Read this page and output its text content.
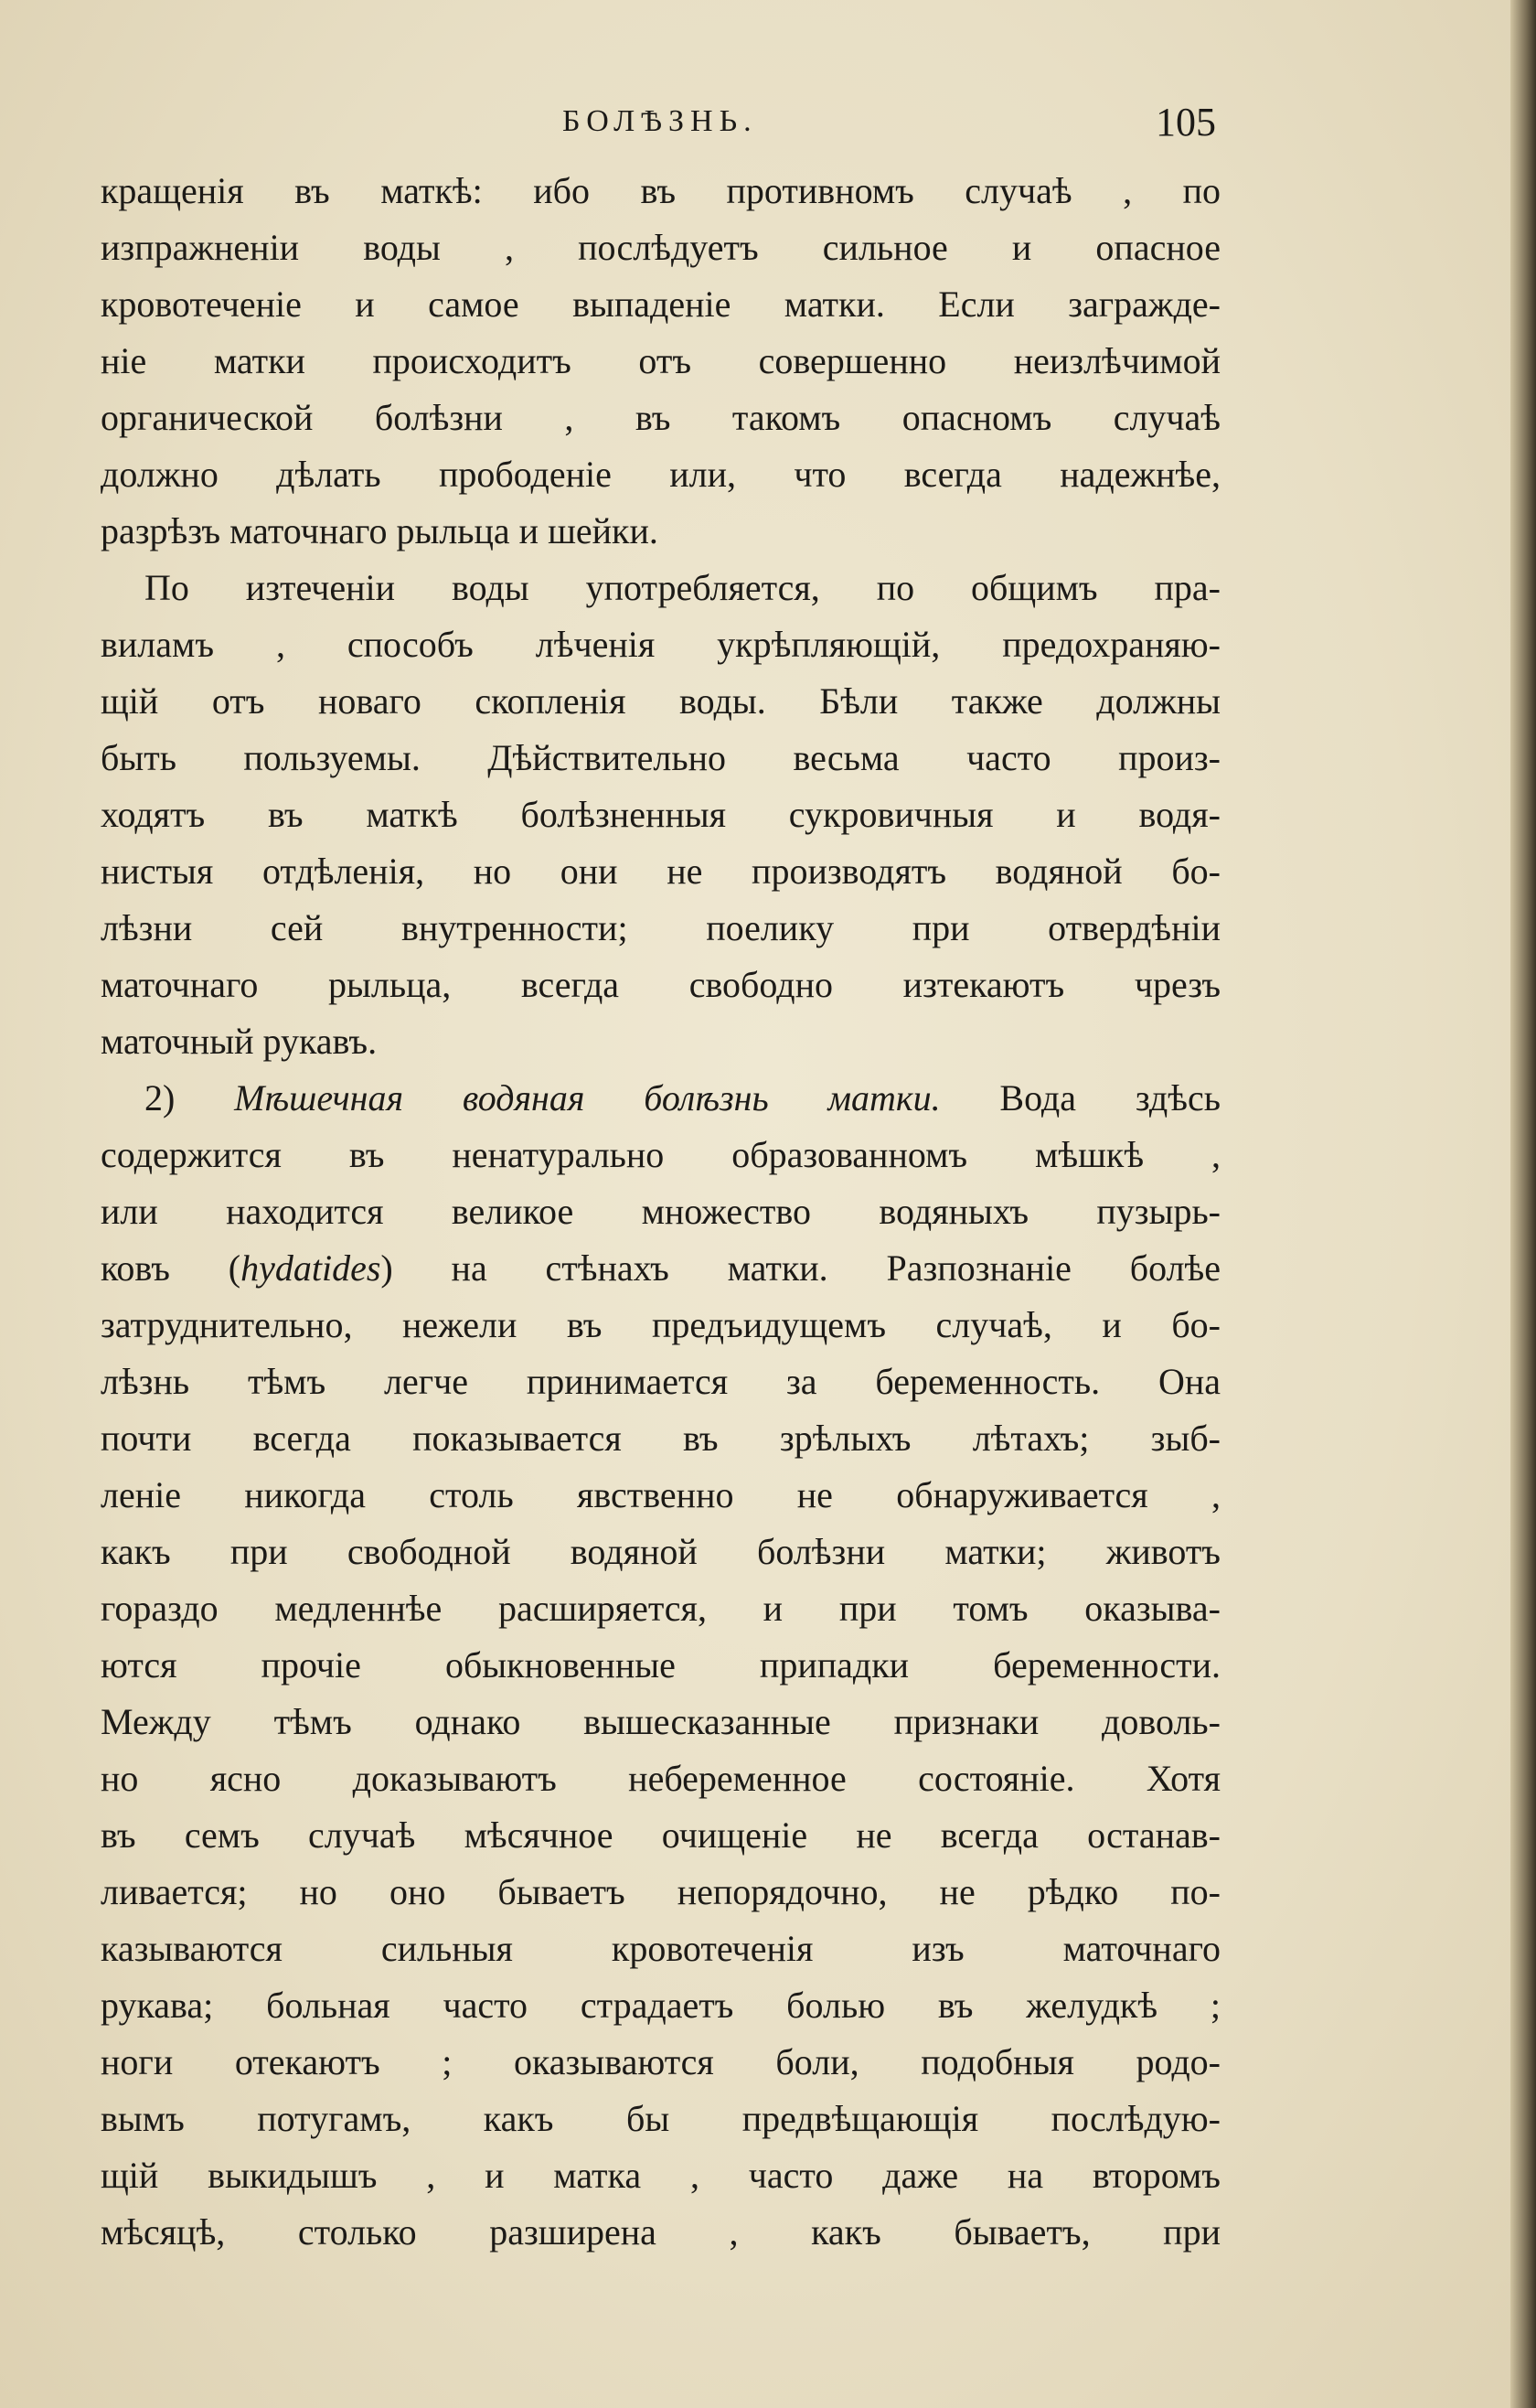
БОЛѢЗНЬ.	105
кращенія въ маткѣ: ибо въ противномъ случаѣ , по
изпражненіи воды , послѣдуетъ сильное и опасное
кровотеченіе и самое выпаденіе матки. Если загражде-
ніе матки происходитъ отъ совершенно неизлѣчимой
органической болѣзни , въ такомъ опасномъ случаѣ
должно дѣлать прободеніе или, что всегда надежнѣе,
разрѣзъ маточнаго рыльца и шейки.
По изтеченіи воды употребляется, по общимъ пра-
виламъ , способъ лѣченія укрѣпляющій, предохраняю-
щій отъ новаго скопленія воды. Бѣли также должны
быть пользуемы. Дѣйствительно весьма часто произ-
ходятъ въ маткѣ болѣзненныя сукровичныя и водя-
нистыя отдѣленія, но они не производятъ водяной бо-
лѣзни сей внутренности; поелику при отвердѣніи
маточнаго рыльца, всегда свободно изтекаютъ чрезъ
маточный рукавъ.
2) Мѣшечная водяная болѣзнь матки. Вода здѣсь
содержится въ ненатурально образованномъ мѣшкѣ ,
или находится великое множество водяныхъ пузырь-
ковъ (hydatides) на стѣнахъ матки. Разпознаніе болѣе
затруднительно, нежели въ предъидущемъ случаѣ, и бо-
лѣзнь тѣмъ легче принимается за беременность. Она
почти всегда показывается въ зрѣлыхъ лѣтахъ; зыб-
леніе никогда столь явственно не обнаруживается ,
какъ при свободной водяной болѣзни матки; животъ
гораздо медленнѣе расширяется, и при томъ оказыва-
ются прочіе обыкновенные припадки беременности.
Между тѣмъ однако вышесказанные признаки доволь-
но ясно доказываютъ небеременное состояніе. Хотя
въ семъ случаѣ мѣсячное очищеніе не всегда останав-
ливается; но оно бываетъ непорядочно, не рѣдко по-
казываются сильныя кровотеченія изъ маточнаго
рукава; больная часто страдаетъ болью въ желудкѣ ;
ноги отекаютъ ; оказываются боли, подобныя родо-
вымъ потугамъ, какъ бы предвѣщающія послѣдую-
щій выкидышъ , и матка , часто даже на второмъ
мѣсяцѣ, столько разширена , какъ бываетъ, при
